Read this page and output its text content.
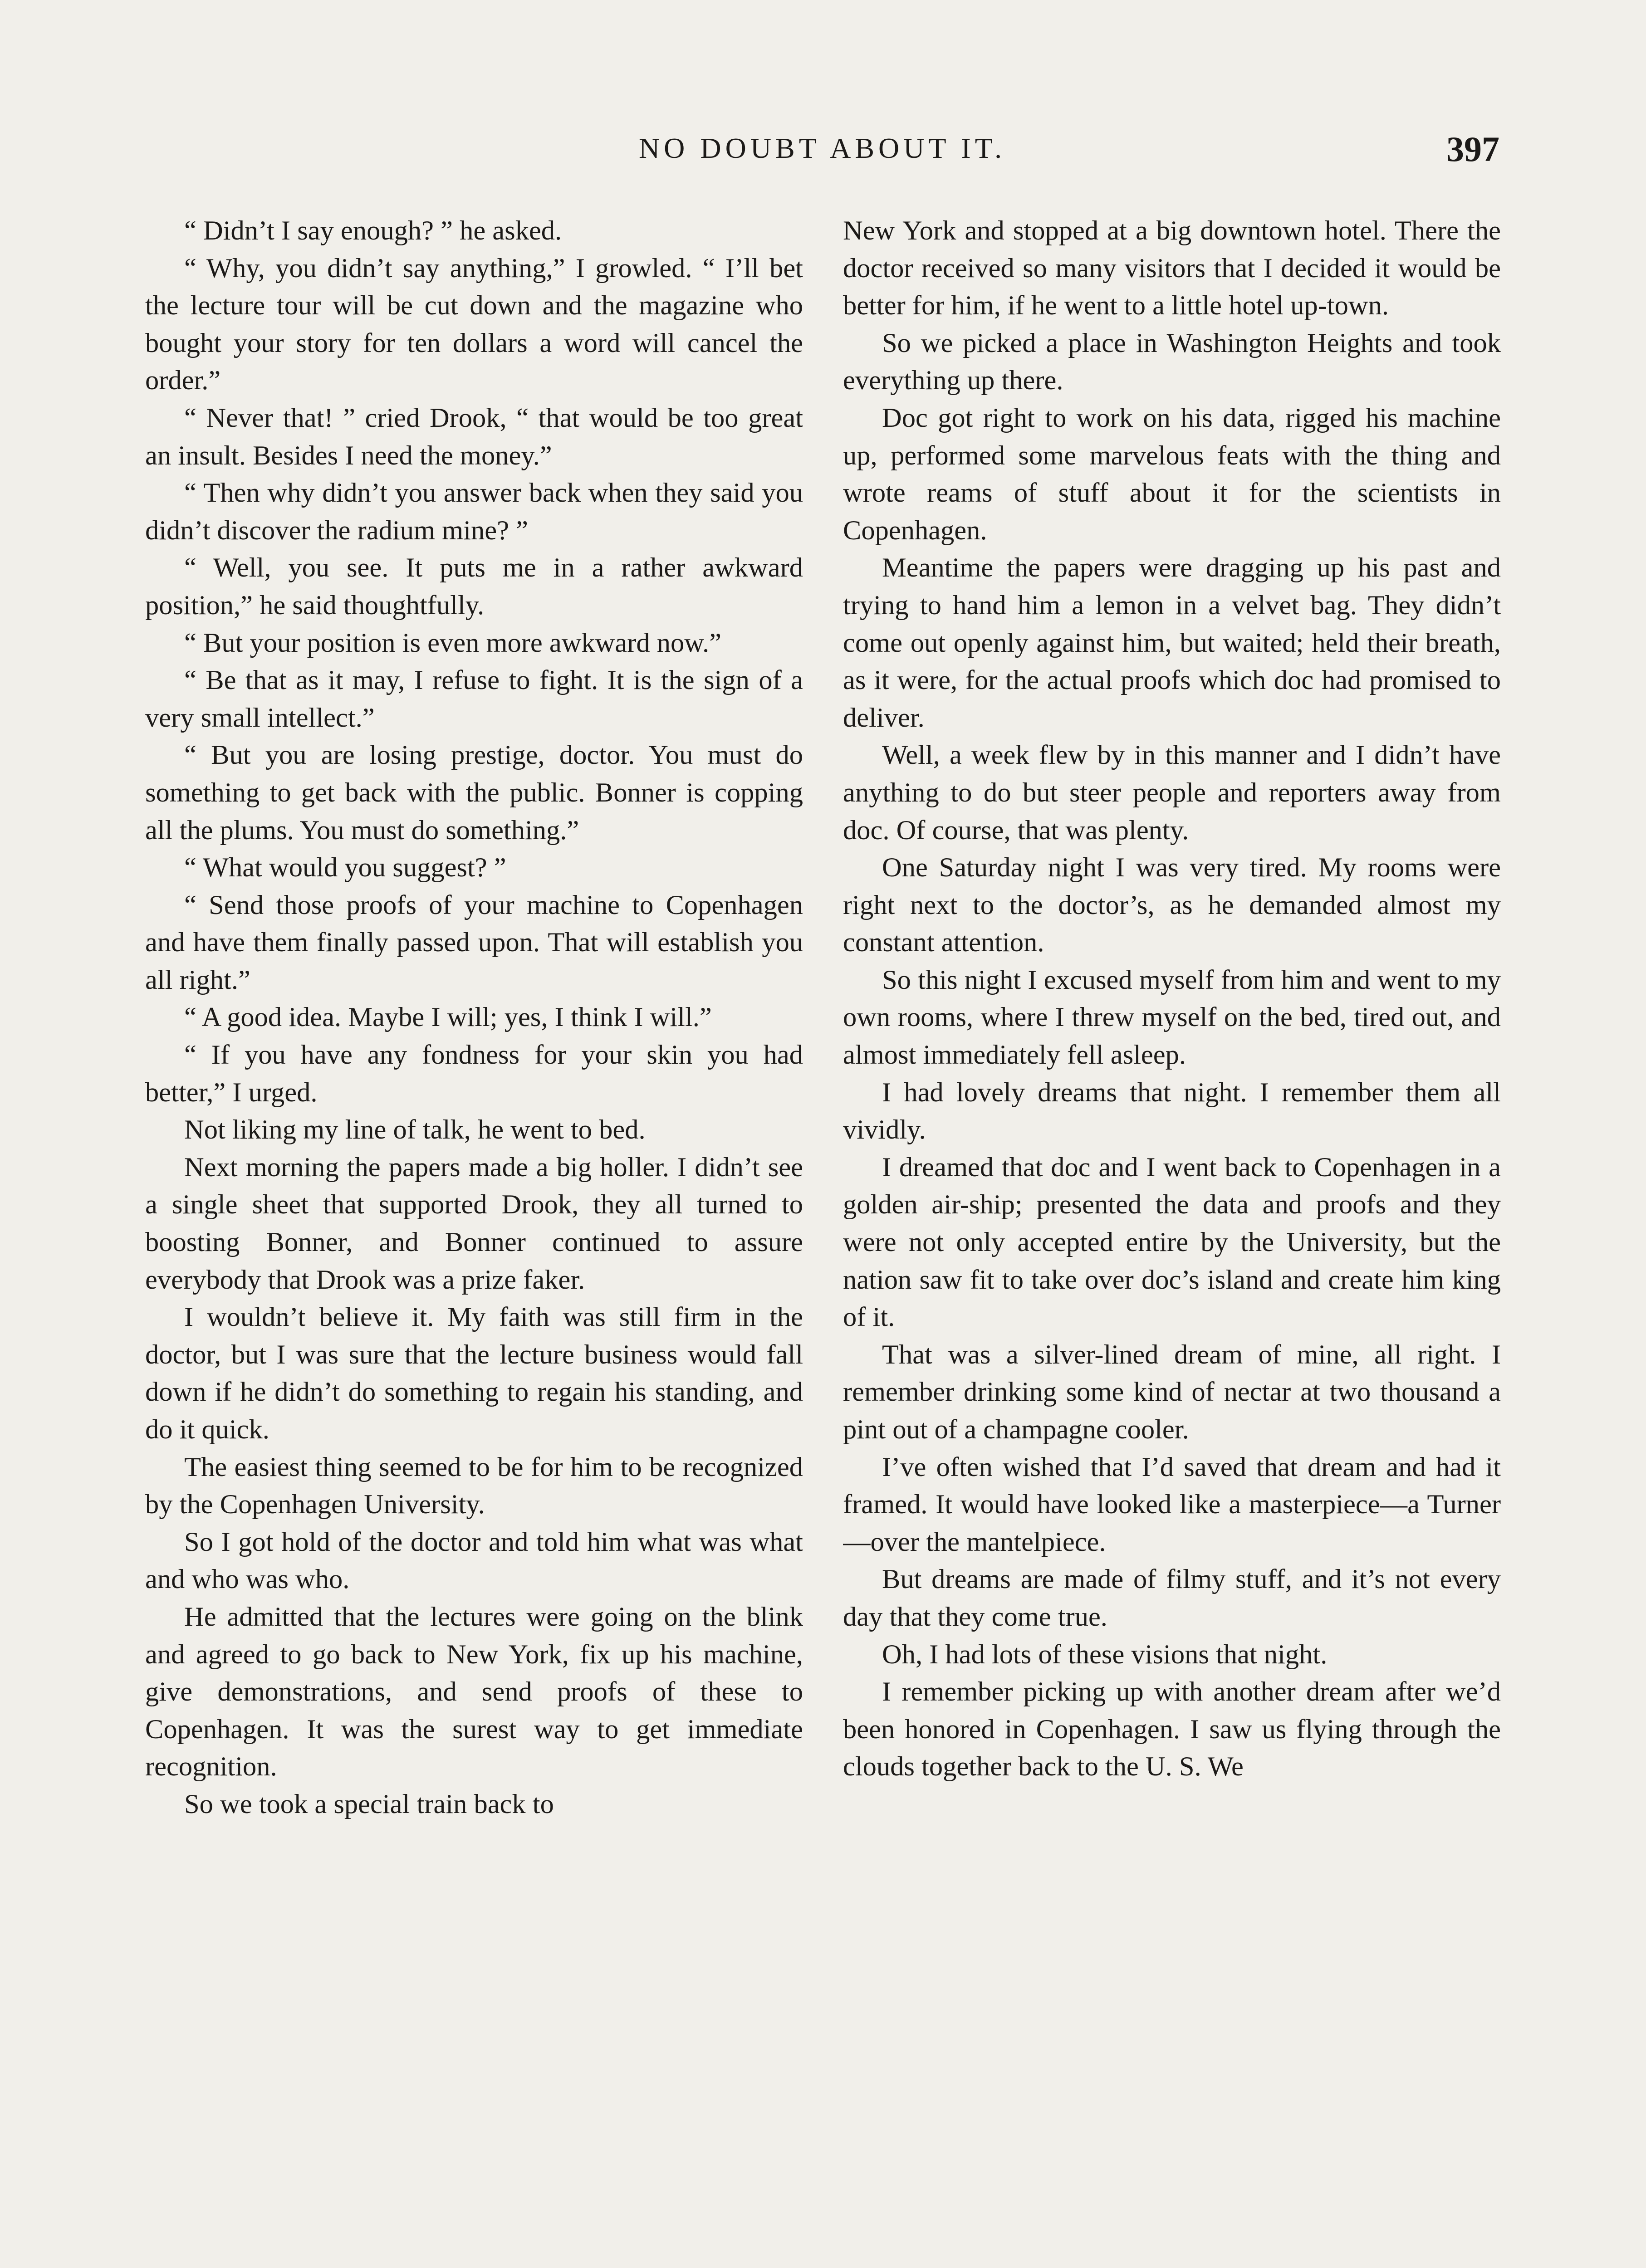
NO DOUBT ABOUT IT.	397

“ Didn’t I say enough? ” he asked.

“ Why, you didn’t say anything,” I growled. “ I’ll bet the lecture tour will be cut down and the magazine who bought your story for ten dollars a word will cancel the order.”

“ Never that! ” cried Drook, “ that would be too great an insult. Besides I need the money.”

“ Then why didn’t you answer back when they said you didn’t discover the radium mine? ”

“ Well, you see. It puts me in a rather awkward position,” he said thoughtfully.

“ But your position is even more awkward now.”

“ Be that as it may, I refuse to fight. It is the sign of a very small intellect.”

“ But you are losing prestige, doctor. You must do something to get back with the public. Bonner is copping all the plums. You must do something.”

“ What would you suggest? ”

“ Send those proofs of your machine to Copenhagen and have them finally passed upon. That will establish you all right.”

“ A good idea. Maybe I will; yes, I think I will.”

“ If you have any fondness for your skin you had better,” I urged.

Not liking my line of talk, he went to bed.

Next morning the papers made a big holler. I didn’t see a single sheet that supported Drook, they all turned to boosting Bonner, and Bonner continued to assure everybody that Drook was a prize faker.

I wouldn’t believe it. My faith was still firm in the doctor, but I was sure that the lecture business would fall down if he didn’t do something to regain his standing, and do it quick.

The easiest thing seemed to be for him to be recognized by the Copenhagen University.

So I got hold of the doctor and told him what was what and who was who.

He admitted that the lectures were going on the blink and agreed to go back to New York, fix up his machine, give demonstrations, and send proofs of these to Copenhagen. It was the surest way to get immediate recognition.

So we took a special train back to

New York and stopped at a big downtown hotel. There the doctor received so many visitors that I decided it would be better for him, if he went to a little hotel up-town.

So we picked a place in Washington Heights and took everything up there.

Doc got right to work on his data, rigged his machine up, performed some marvelous feats with the thing and wrote reams of stuff about it for the scientists in Copenhagen.

Meantime the papers were dragging up his past and trying to hand him a lemon in a velvet bag. They didn’t come out openly against him, but waited; held their breath, as it were, for the actual proofs which doc had promised to deliver.

Well, a week flew by in this manner and I didn’t have anything to do but steer people and reporters away from doc. Of course, that was plenty.

One Saturday night I was very tired. My rooms were right next to the doctor’s, as he demanded almost my constant attention.

So this night I excused myself from him and went to my own rooms, where I threw myself on the bed, tired out, and almost immediately fell asleep.

I had lovely dreams that night. I remember them all vividly.

I dreamed that doc and I went back to Copenhagen in a golden air-ship; presented the data and proofs and they were not only accepted entire by the University, but the nation saw fit to take over doc’s island and create him king of it.

That was a silver-lined dream of mine, all right. I remember drinking some kind of nectar at two thousand a pint out of a champagne cooler.

I’ve often wished that I’d saved that dream and had it framed. It would have looked like a masterpiece—a Turner—over the mantelpiece.

But dreams are made of filmy stuff, and it’s not every day that they come true.

Oh, I had lots of these visions that night.

I remember picking up with another dream after we’d been honored in Copenhagen. I saw us flying through the clouds together back to the U. S. We
